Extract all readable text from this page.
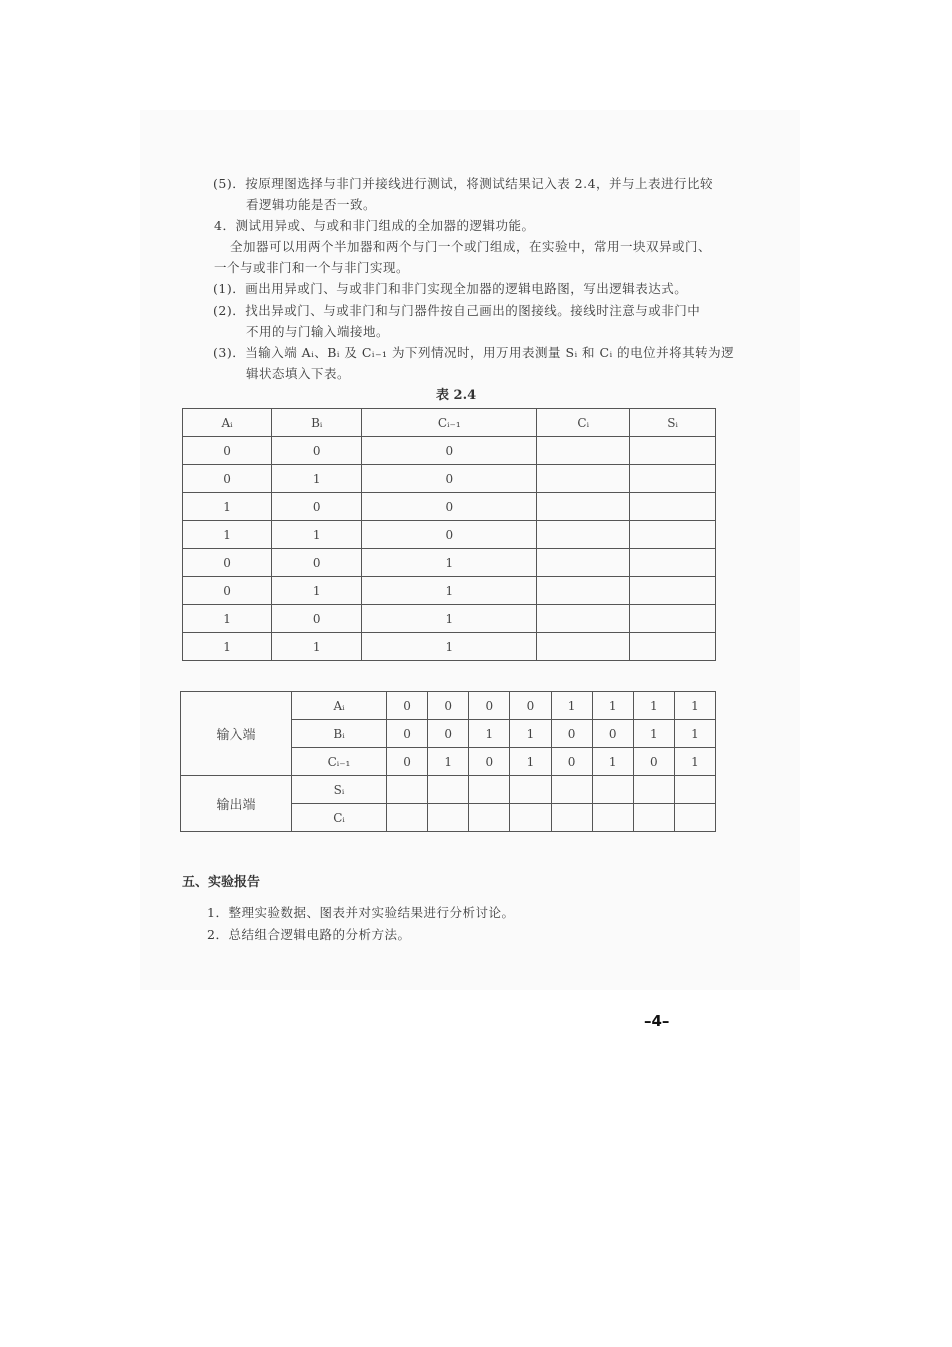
(5)．按原理图选择与非门并接线进行测试，将测试结果记入表 2.4，并与上表进行比较
看逻辑功能是否一致。
4．测试用异或、与或和非门组成的全加器的逻辑功能。
全加器可以用两个半加器和两个与门一个或门组成，在实验中，常用一块双异或门、
一个与或非门和一个与非门实现。
(1)．画出用异或门、与或非门和非门实现全加器的逻辑电路图，写出逻辑表达式。
(2)．找出异或门、与或非门和与门器件按自己画出的图接线。接线时注意与或非门中
不用的与门输入端接地。
(3)．当输入端 Aᵢ、Bᵢ 及 Cᵢ₋₁ 为下列情况时，用万用表测量 Sᵢ 和 Cᵢ 的电位并将其转为逻
辑状态填入下表。
表 2.4
Aᵢ	Bᵢ	Cᵢ₋₁	Cᵢ	Sᵢ
0	0	0		
0	1	0		
1	0	0		
1	1	0		
0	0	1		
0	1	1		
1	0	1		
1	1	1		
输入端	Aᵢ	0	0	0	0	1	1	1	1
	Bᵢ	0	0	1	1	0	0	1	1
	Cᵢ₋₁	0	1	0	1	0	1	0	1
输出端	Sᵢ								
	Cᵢ								
五、实验报告
1．整理实验数据、图表并对实验结果进行分析讨论。
2．总结组合逻辑电路的分析方法。
–4–
